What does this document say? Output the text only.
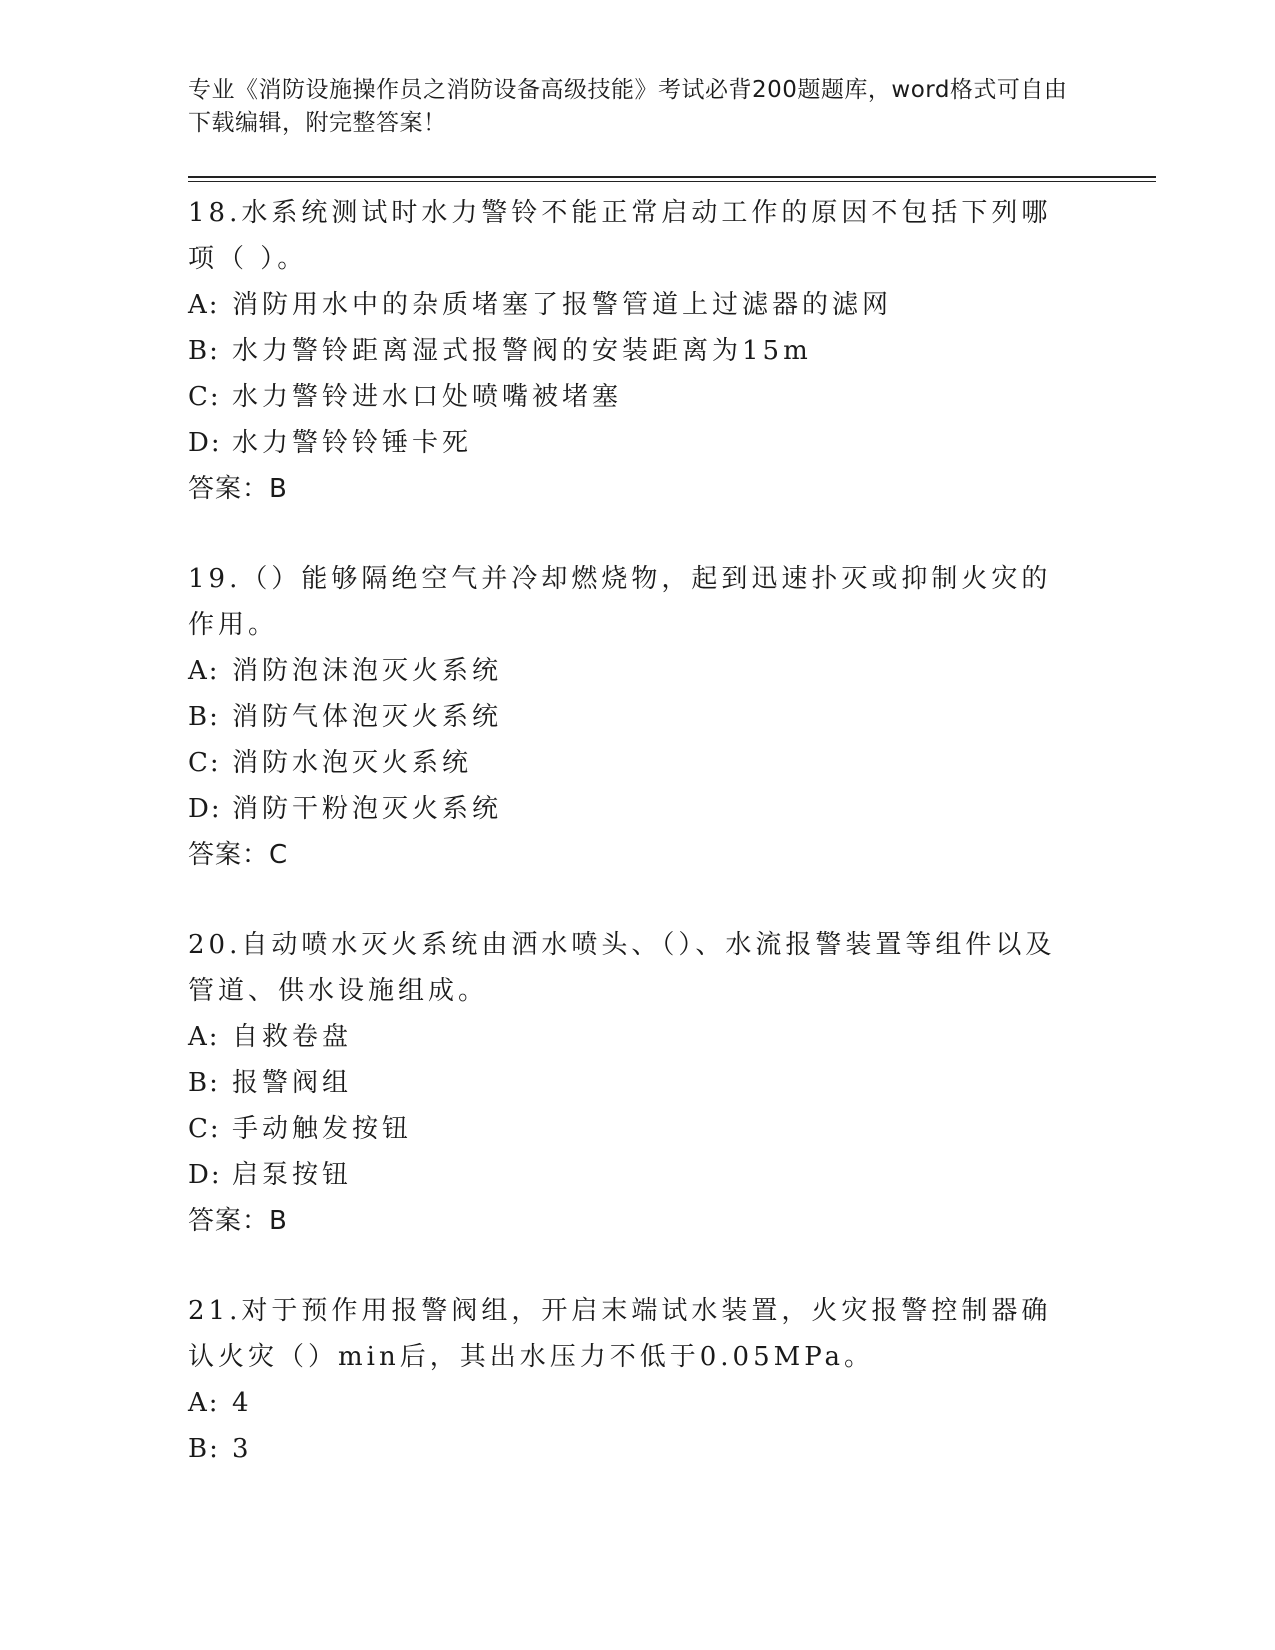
专业《消防设施操作员之消防设备高级技能》考试必背200题题库，word格式可自由下载编辑，附完整答案！
18.水系统测试时水力警铃不能正常启动工作的原因不包括下列哪项（ ）。
A: 消防用水中的杂质堵塞了报警管道上过滤器的滤网
B: 水力警铃距离湿式报警阀的安装距离为15m
C: 水力警铃进水口处喷嘴被堵塞
D: 水力警铃铃锤卡死
答案：B
19.（）能够隔绝空气并冷却燃烧物，起到迅速扑灭或抑制火灾的作用。
A: 消防泡沫泡灭火系统
B: 消防气体泡灭火系统
C: 消防水泡灭火系统
D: 消防干粉泡灭火系统
答案：C
20.自动喷水灭火系统由洒水喷头、（）、水流报警装置等组件以及管道、供水设施组成。
A: 自救卷盘
B: 报警阀组
C: 手动触发按钮
D: 启泵按钮
答案：B
21.对于预作用报警阀组，开启末端试水装置，火灾报警控制器确认火灾（）min后，其出水压力不低于0.05MPa。
A: 4
B: 3
